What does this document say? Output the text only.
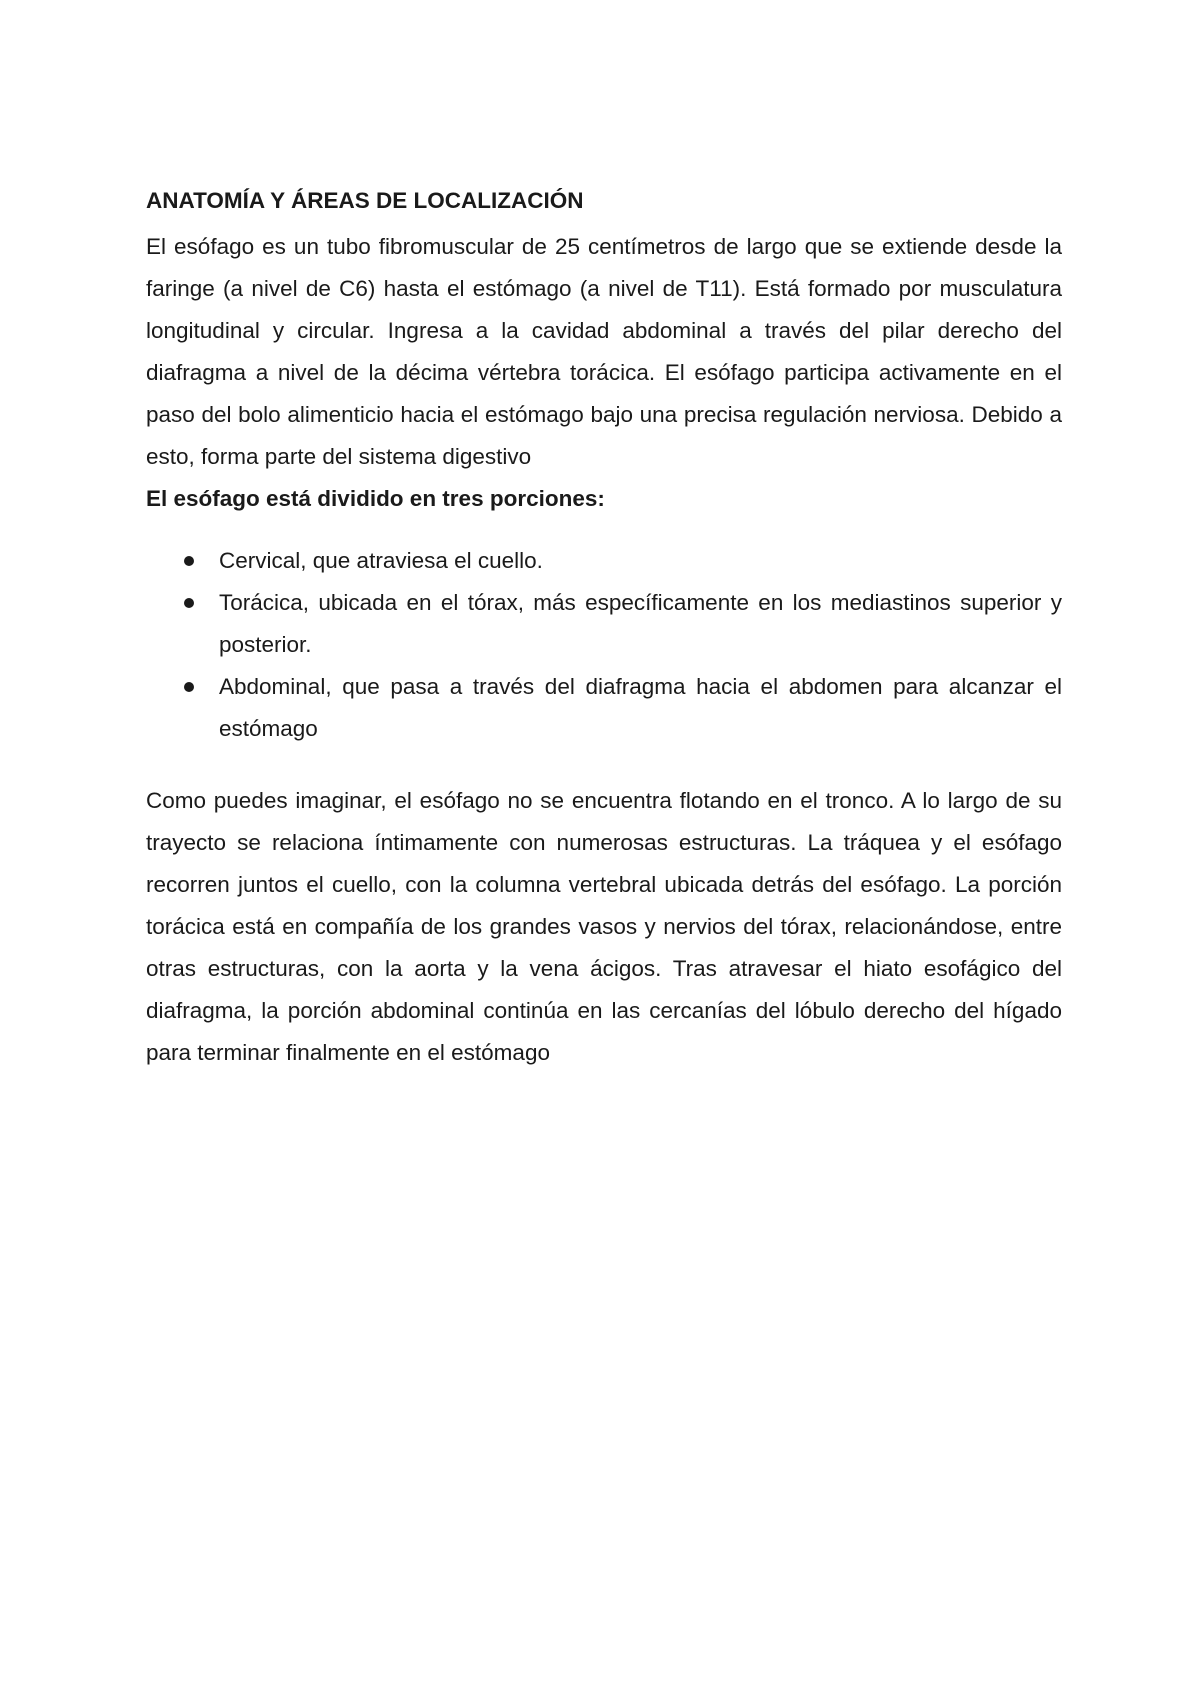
ANATOMÍA Y ÁREAS DE LOCALIZACIÓN

El esófago es un tubo fibromuscular de 25 centímetros de largo que se extiende desde la faringe (a nivel de C6) hasta el estómago (a nivel de T11). Está formado por musculatura longitudinal y circular. Ingresa a la cavidad abdominal a través del pilar derecho del diafragma a nivel de la décima vértebra torácica. El esófago participa activamente en el paso del bolo alimenticio hacia el estómago bajo una precisa regulación nerviosa. Debido a esto, forma parte del sistema digestivo

El esófago está dividido en tres porciones:

Cervical, que atraviesa el cuello.
Torácica, ubicada en el tórax, más específicamente en los mediastinos superior y posterior.
Abdominal, que pasa a través del diafragma hacia el abdomen para alcanzar el estómago

Como puedes imaginar, el esófago no se encuentra flotando en el tronco. A lo largo de su trayecto se relaciona íntimamente con numerosas estructuras. La tráquea y el esófago recorren juntos el cuello, con la columna vertebral ubicada detrás del esófago. La porción torácica está en compañía de los grandes vasos y nervios del tórax, relacionándose, entre otras estructuras, con la aorta y la vena ácigos. Tras atravesar el hiato esofágico del diafragma, la porción abdominal continúa en las cercanías del lóbulo derecho del hígado para terminar finalmente en el estómago
